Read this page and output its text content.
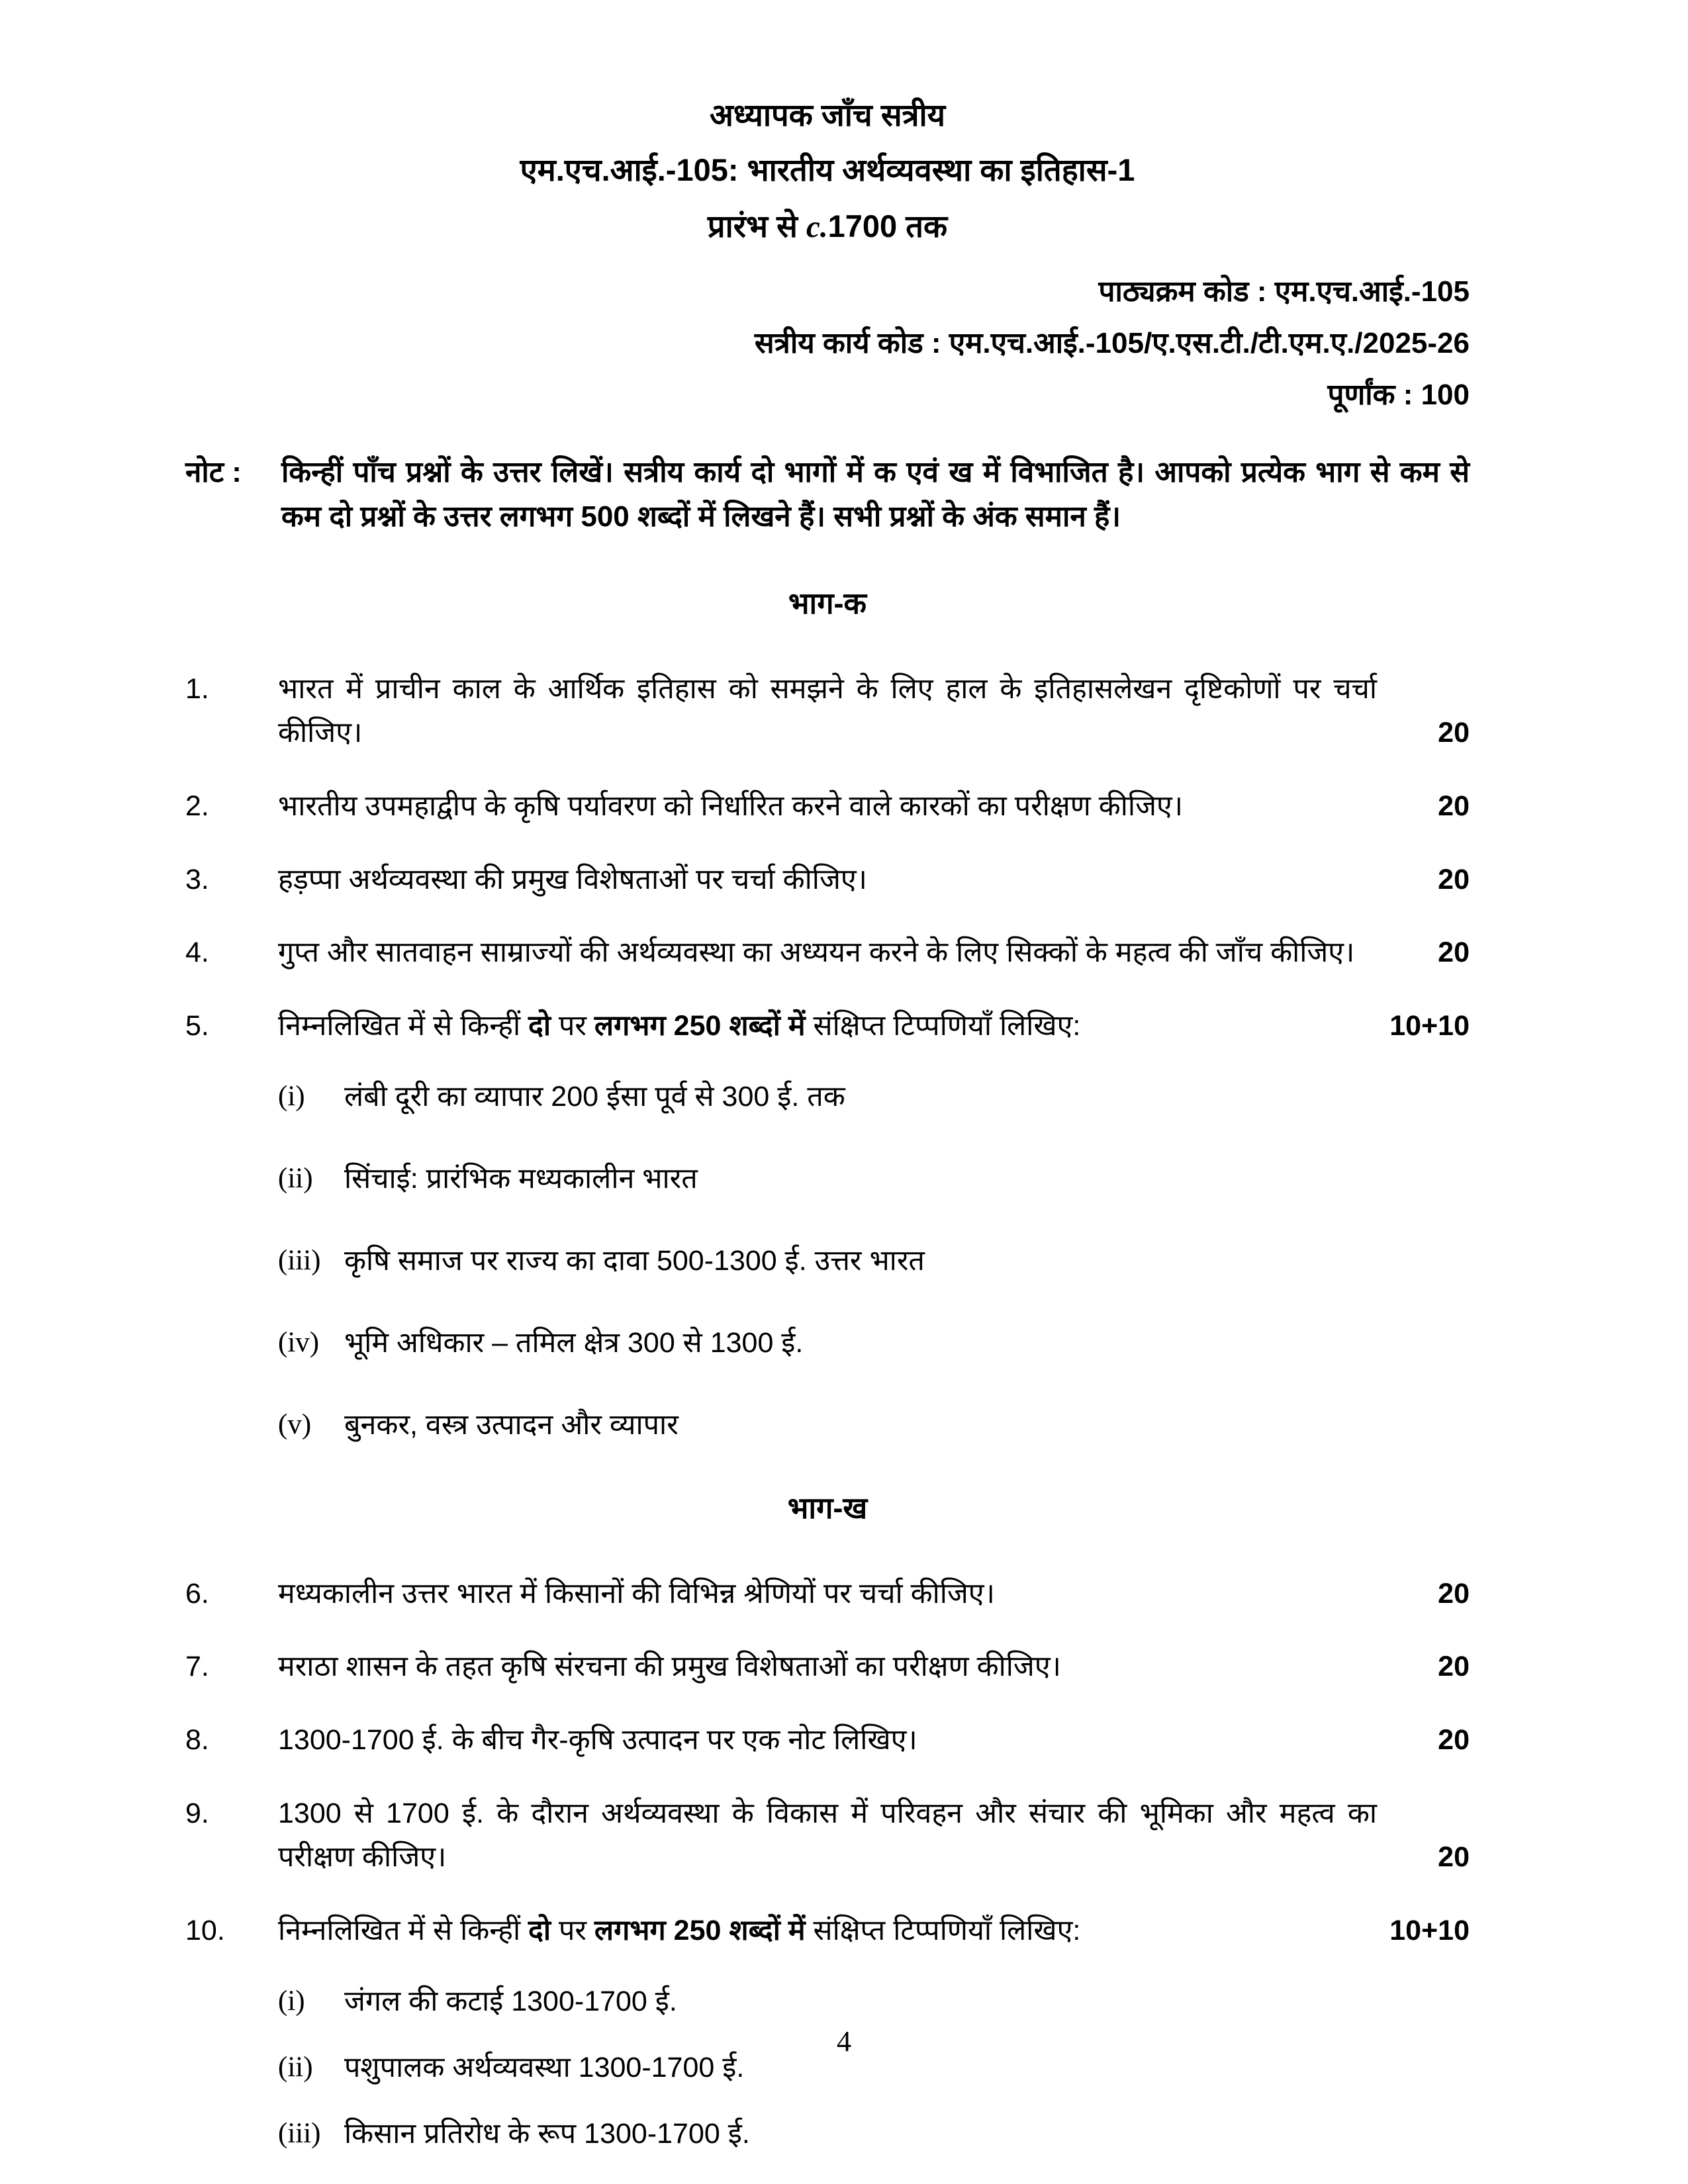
अध्यापक जाँच सत्रीय
एम.एच.आई.-105: भारतीय अर्थव्यवस्था का इतिहास-1
प्रारंभ से c.1700 तक
पाठ्यक्रम कोड : एम.एच.आई.-105
सत्रीय कार्य कोड : एम.एच.आई.-105/ए.एस.टी./टी.एम.ए./2025-26
पूर्णांक : 100
नोट :	किन्हीं पाँच प्रश्नों के उत्तर लिखें। सत्रीय कार्य दो भागों में क एवं ख में विभाजित है। आपको प्रत्येक भाग से कम से कम दो प्रश्नों के उत्तर लगभग 500 शब्दों में लिखने हैं। सभी प्रश्नों के अंक समान हैं।
भाग-क
1.	भारत में प्राचीन काल के आर्थिक इतिहास को समझने के लिए हाल के इतिहासलेखन दृष्टिकोणों पर चर्चा कीजिए।	20
2.	भारतीय उपमहाद्वीप के कृषि पर्यावरण को निर्धारित करने वाले कारकों का परीक्षण कीजिए।	20
3.	हड़प्पा अर्थव्यवस्था की प्रमुख विशेषताओं पर चर्चा कीजिए।	20
4.	गुप्त और सातवाहन साम्राज्यों की अर्थव्यवस्था का अध्ययन करने के लिए सिक्कों के महत्व की जाँच कीजिए।	20
5.	निम्नलिखित में से किन्हीं दो पर लगभग 250 शब्दों में संक्षिप्त टिप्पणियाँ लिखिए:	10+10
(i)	लंबी दूरी का व्यापार 200 ईसा पूर्व से 300 ई. तक
(ii)	सिंचाई: प्रारंभिक मध्यकालीन भारत
(iii) कृषि समाज पर राज्य का दावा 500-1300 ई. उत्तर भारत
(iv) भूमि अधिकार – तमिल क्षेत्र 300 से 1300 ई.
(v)	बुनकर, वस्त्र उत्पादन और व्यापार
भाग-ख
6.	मध्यकालीन उत्तर भारत में किसानों की विभिन्न श्रेणियों पर चर्चा कीजिए।	20
7.	मराठा शासन के तहत कृषि संरचना की प्रमुख विशेषताओं का परीक्षण कीजिए।	20
8.	1300-1700 ई. के बीच गैर-कृषि उत्पादन पर एक नोट लिखिए।	20
9.	1300 से 1700 ई. के दौरान अर्थव्यवस्था के विकास में परिवहन और संचार की भूमिका और महत्व का परीक्षण कीजिए।	20
10.	निम्नलिखित में से किन्हीं दो पर लगभग 250 शब्दों में संक्षिप्त टिप्पणियाँ लिखिए:	10+10
(i)	जंगल की कटाई 1300-1700 ई.
(ii)	पशुपालक अर्थव्यवस्था 1300-1700 ई.
(iii) किसान प्रतिरोध के रूप 1300-1700 ई.
4
